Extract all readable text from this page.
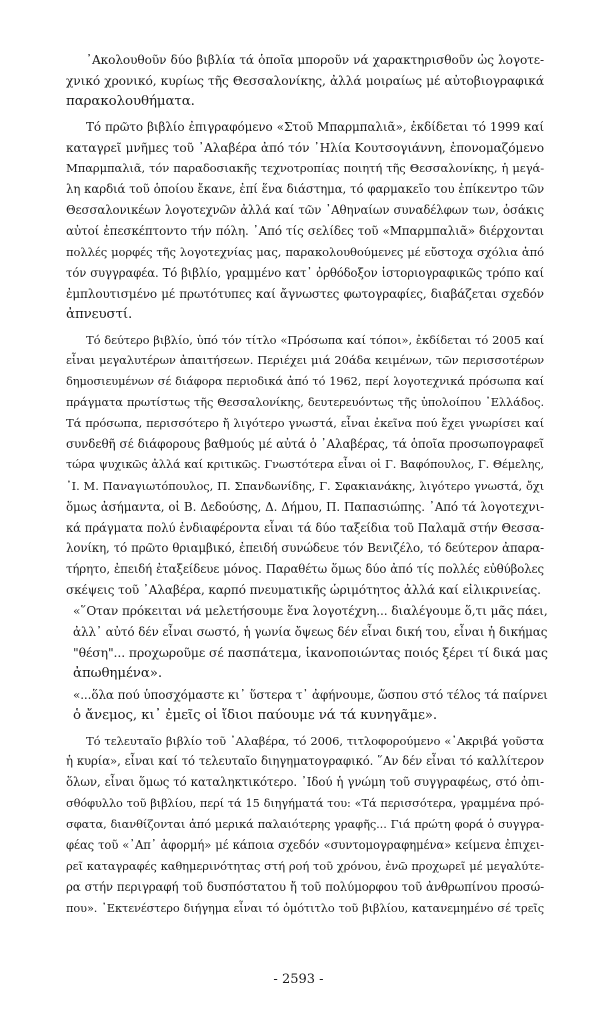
᾿Ακολουθοῦν δύο βιβλία τά ὁποῖα μποροῦν νά χαρακτηρισθοῦν ὡς λογοτε-
χνικό χρονικό, κυρίως τῆς Θεσσαλονίκης, ἀλλά μοιραίως μέ αὐτοβιογραφικά
παρακολουθήματα.
Τό πρῶτο βιβλίο ἐπιγραφόμενο «Στοῦ Μπαρμπαλιᾶ», ἐκδίδεται τό 1999 καί
καταγρεῖ μνῆμες τοῦ ᾿Αλαβέρα ἀπό τόν ᾿Ηλία Κουτσογιάννη, ἐπονομαζόμενο
Μπαρμπαλιᾶ, τόν παραδοσιακῆς τεχνοτροπίας ποιητή τῆς Θεσσαλονίκης, ἡ μεγά-
λη καρδιά τοῦ ὁποίου ἔκανε, ἐπί ἕνα διάστημα, τό φαρμακεῖο του ἐπίκεντρο τῶν
Θεσσαλονικέων λογοτεχνῶν ἀλλά καί τῶν ᾿Αθηναίων συναδέλφων των, ὁσάκις
αὐτοί ἐπεσκέπτοντο τήν πόλη. ᾿Από τίς σελίδες τοῦ «Μπαρμπαλιᾶ» διέρχονται
πολλές μορφές τῆς λογοτεχνίας μας, παρακολουθούμενες μέ εὔστοχα σχόλια ἀπό
τόν συγγραφέα. Τό βιβλίο, γραμμένο κατ᾿ ὀρθόδοξον ἱστοριογραφικῶς τρόπο καί
ἐμπλουτισμένο μέ πρωτότυπες καί ἄγνωστες φωτογραφίες, διαβάζεται σχεδόν
ἀπνευστί.
Τό δεύτερο βιβλίο, ὑπό τόν τίτλο «Πρόσωπα καί τόποι», ἐκδίδεται τό 2005 καί
εἶναι μεγαλυτέρων ἀπαιτήσεων. Περιέχει μιά 20άδα κειμένων, τῶν περισσοτέρων
δημοσιευμένων σέ διάφορα περιοδικά ἀπό τό 1962, περί λογοτεχνικά πρόσωπα καί
πράγματα πρωτίστως τῆς Θεσσαλονίκης, δευτερευόντως τῆς ὑπολοίπου ᾿Ελλάδος.
Τά πρόσωπα, περισσότερο ἤ λιγότερο γνωστά, εἶναι ἐκεῖνα πού ἔχει γνωρίσει καί
συνδεθῆ σέ διάφορους βαθμούς μέ αὐτά ὁ ᾿Αλαβέρας, τά ὁποῖα προσωπογραφεῖ
τώρα ψυχικῶς ἀλλά καί κριτικῶς. Γνωστότερα εἶναι οἱ Γ. Βαφόπουλος, Γ. Θέμελης,
᾿Ι. Μ. Παναγιωτόπουλος, Π. Σπανδωνίδης, Γ. Σφακιανάκης, λιγότερο γνωστά, ὄχι
ὅμως ἀσήμαντα, οἱ Β. Δεδούσης, Δ. Δήμου, Π. Παπασιώπης. ᾿Από τά λογοτεχνι-
κά πράγματα πολύ ἐνδιαφέροντα εἶναι τά δύο ταξείδια τοῦ Παλαμᾶ στήν Θεσσα-
λονίκη, τό πρῶτο θριαμβικό, ἐπειδή συνώδευε τόν Βενιζέλο, τό δεύτερον ἀπαρα-
τήρητο, ἐπειδή ἐταξείδευε μόνος. Παραθέτω ὅμως δύο ἀπό τίς πολλές εὐθύβολες
σκέψεις τοῦ ᾿Αλαβέρα, καρπό πνευματικῆς ὡριμότητος ἀλλά καί εἰλικρινείας.
«῞Οταν πρόκειται νά μελετήσουμε ἕνα λογοτέχνη... διαλέγουμε ὅ,τι μᾶς πάει,
ἀλλ᾿ αὐτό δέν εἶναι σωστό, ἡ γωνία ὄψεως δέν εἶναι δική του, εἶναι ἡ δικήμας
"θέση"... προχωροῦμε σέ πασπάτεμα, ἱκανοποιώντας ποιός ξέρει τί δικά μας
ἀπωθημένα».
«...ὅλα πού ὑποσχόμαστε κι᾿ ὕστερα τ᾿ ἀφήνουμε, ὥσπου στό τέλος τά παίρνει
ὁ ἄνεμος, κι᾿ ἐμεῖς οἱ ἴδιοι παύουμε νά τά κυνηγᾶμε».
Τό τελευταῖο βιβλίο τοῦ ᾿Αλαβέρα, τό 2006, τιτλοφορούμενο «᾿Ακριβά γοῦστα
ἡ κυρία», εἶναι καί τό τελευταῖο διηγηματογραφικό. ῞Αν δέν εἶναι τό καλλίτερον
ὅλων, εἶναι ὅμως τό καταληκτικότερο. ᾿Ιδού ἡ γνώμη τοῦ συγγραφέως, στό ὀπι-
σθόφυλλο τοῦ βιβλίου, περί τά 15 διηγήματά του: «Τά περισσότερα, γραμμένα πρό-
σφατα, διανθίζονται ἀπό μερικά παλαιότερης γραφῆς... Γιά πρώτη φορά ὁ συγγρα-
φέας τοῦ «᾿Απ᾿ ἀφορμή» μέ κάποια σχεδόν «συντομογραφημένα» κείμενα ἐπιχει-
ρεῖ καταγραφές καθημερινότητας στή ροή τοῦ χρόνου, ἐνῶ προχωρεῖ μέ μεγαλύτε-
ρα στήν περιγραφή τοῦ δυσπόστατου ἤ τοῦ πολύμορφου τοῦ ἀνθρωπίνου προσώ-
που». ᾿Εκτενέστερο διήγημα εἶναι τό ὁμότιτλο τοῦ βιβλίου, κατανεμημένο σέ τρεῖς
- 2593 -
